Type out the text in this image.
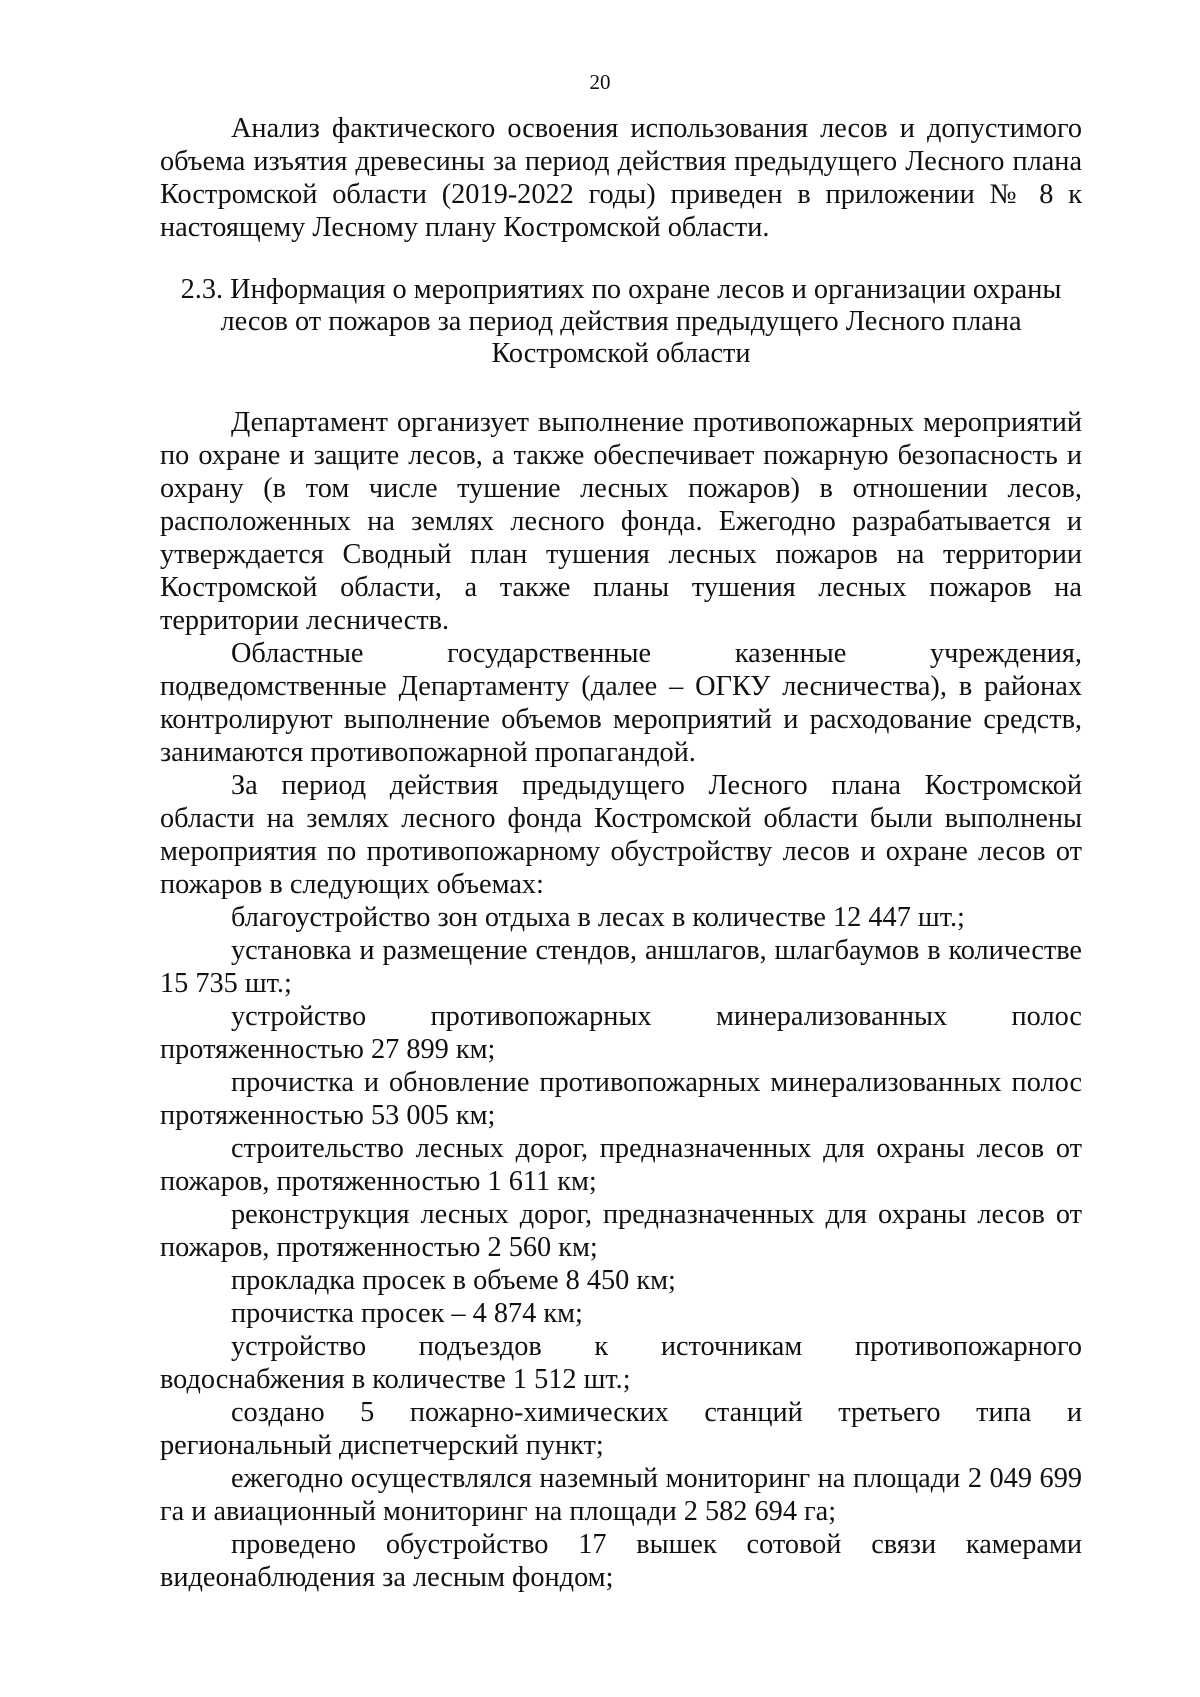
20

Анализ фактического освоения использования лесов и допустимого объема изъятия древесины за период действия предыдущего Лесного плана Костромской области (2019-2022 годы) приведен в приложении № 8 к настоящему Лесному плану Костромской области.

2.3. Информация о мероприятиях по охране лесов и организации охраны
лесов от пожаров за период действия предыдущего Лесного плана
Костромской области

Департамент организует выполнение противопожарных мероприятий по охране и защите лесов, а также обеспечивает пожарную безопасность и охрану (в том числе тушение лесных пожаров) в отношении лесов, расположенных на землях лесного фонда. Ежегодно разрабатывается и утверждается Сводный план тушения лесных пожаров на территории Костромской области, а также планы тушения лесных пожаров на территории лесничеств.

Областные государственные казенные учреждения, подведомственные Департаменту (далее – ОГКУ лесничества), в районах контролируют выполнение объемов мероприятий и расходование средств, занимаются противопожарной пропагандой.

За период действия предыдущего Лесного плана Костромской области на землях лесного фонда Костромской области были выполнены мероприятия по противопожарному обустройству лесов и охране лесов от пожаров в следующих объемах:

благоустройство зон отдыха в лесах в количестве 12 447 шт.;

установка и размещение стендов, аншлагов, шлагбаумов в количестве 15 735 шт.;

устройство противопожарных минерализованных полос протяженностью 27 899 км;

прочистка и обновление противопожарных минерализованных полос протяженностью 53 005 км;

строительство лесных дорог, предназначенных для охраны лесов от пожаров, протяженностью 1 611 км;

реконструкция лесных дорог, предназначенных для охраны лесов от пожаров, протяженностью 2 560 км;

прокладка просек в объеме 8 450 км;

прочистка просек – 4 874 км;

устройство подъездов к источникам противопожарного водоснабжения в количестве 1 512 шт.;

создано 5 пожарно-химических станций третьего типа и региональный диспетчерский пункт;

ежегодно осуществлялся наземный мониторинг на площади 2 049 699 га и авиационный мониторинг на площади 2 582 694 га;

проведено обустройство 17 вышек сотовой связи камерами видеонаблюдения за лесным фондом;
